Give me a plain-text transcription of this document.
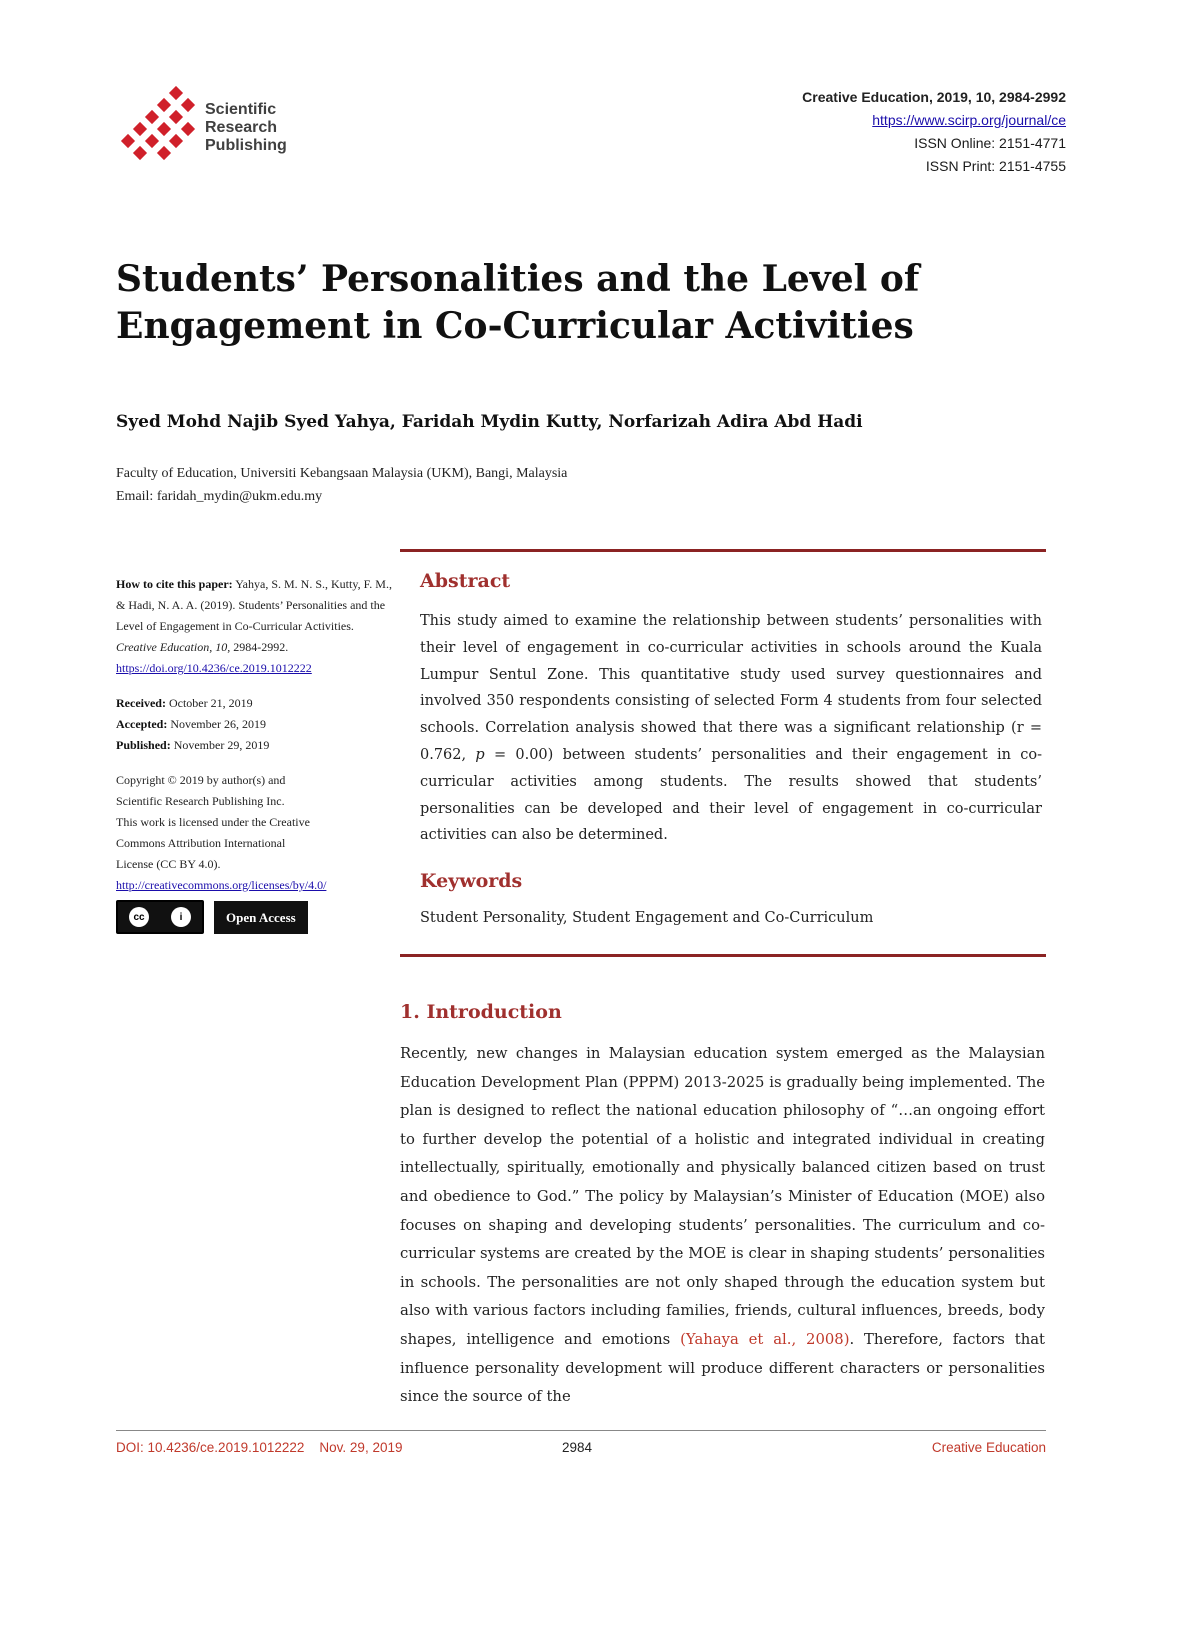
Scientific
Research
Publishing
Creative Education, 2019, 10, 2984-2992
https://www.scirp.org/journal/ce
ISSN Online: 2151-4771
ISSN Print: 2151-4755
Students’ Personalities and the Level of
Engagement in Co-Curricular Activities
Syed Mohd Najib Syed Yahya, Faridah Mydin Kutty, Norfarizah Adira Abd Hadi
Faculty of Education, Universiti Kebangsaan Malaysia (UKM), Bangi, Malaysia
Email: faridah_mydin@ukm.edu.my
How to cite this paper: Yahya, S. M. N. S., Kutty, F. M., & Hadi, N. A. A. (2019). Students’ Personalities and the Level of Engagement in Co-Curricular Activities. Creative Education, 10, 2984-2992.
https://doi.org/10.4236/ce.2019.1012222
Received: October 21, 2019
Accepted: November 26, 2019
Published: November 29, 2019
Copyright © 2019 by author(s) and
Scientific Research Publishing Inc.
This work is licensed under the Creative
Commons Attribution International
License (CC BY 4.0).
http://creativecommons.org/licenses/by/4.0/
cc	i	Open Access
Abstract
This study aimed to examine the relationship between students’ personalities with their level of engagement in co-curricular activities in schools around the Kuala Lumpur Sentul Zone. This quantitative study used survey questionnaires and involved 350 respondents consisting of selected Form 4 students from four selected schools. Correlation analysis showed that there was a significant relationship (r = 0.762, p = 0.00) between students’ personalities and their engagement in co-curricular activities among students. The results showed that students’ personalities can be developed and their level of engagement in co-curricular activities can also be determined.
Keywords
Student Personality, Student Engagement and Co-Curriculum
1. Introduction
Recently, new changes in Malaysian education system emerged as the Malaysian Education Development Plan (PPPM) 2013-2025 is gradually being implemented. The plan is designed to reflect the national education philosophy of “…an ongoing effort to further develop the potential of a holistic and integrated individual in creating intellectually, spiritually, emotionally and physically balanced citizen based on trust and obedience to God.” The policy by Malaysian’s Minister of Education (MOE) also focuses on shaping and developing students’ personalities. The curriculum and co-curricular systems are created by the MOE is clear in shaping students’ personalities in schools. The personalities are not only shaped through the education system but also with various factors including families, friends, cultural influences, breeds, body shapes, intelligence and emotions (Yahaya et al., 2008). Therefore, factors that influence personality development will produce different characters or personalities since the source of the
DOI: 10.4236/ce.2019.1012222 Nov. 29, 2019	2984	Creative Education
